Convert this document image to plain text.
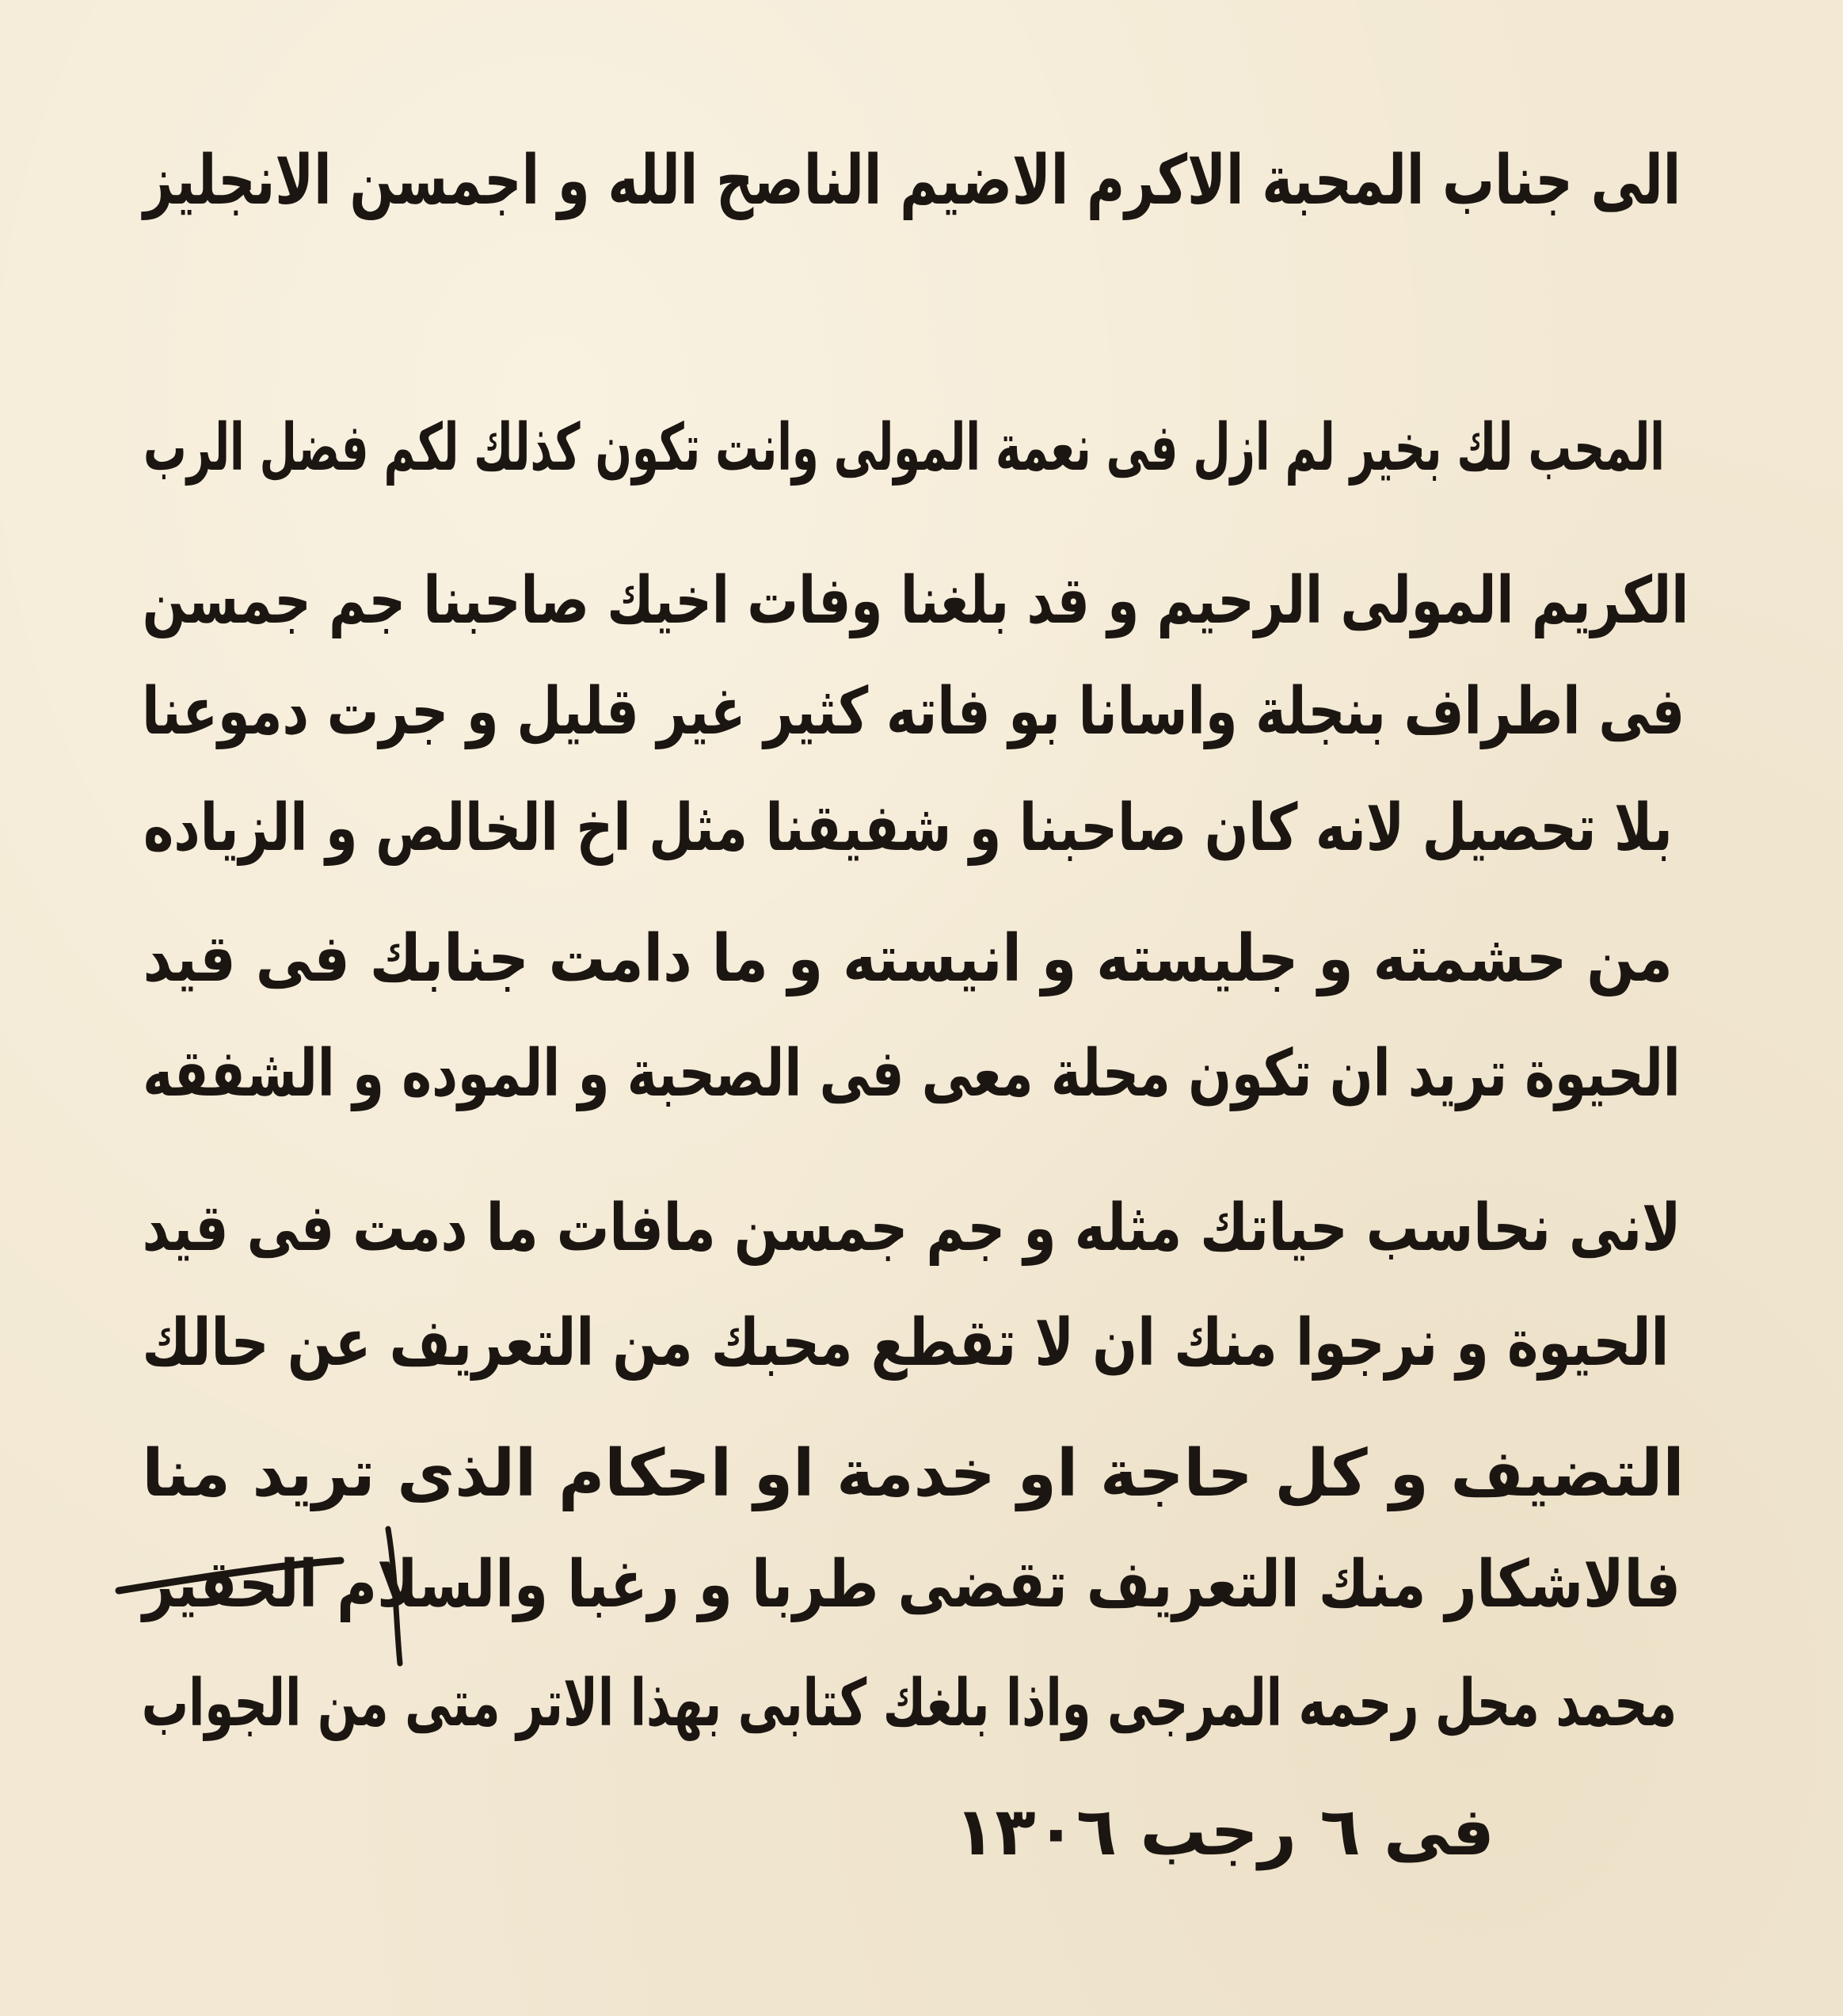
الى جناب المحبة الاكرم الاضيم الناصح الله و اجمسن الانجليز
المحب لك بخير لم ازل فى نعمة المولى وانت تكون كذلك لكم فضل الرب
الكريم المولى الرحيم و قد بلغنا وفات اخيك صاحبنا جم جمسن
فى اطراف بنجلة واسانا بو فاته كثير غير قليل و جرت دموعنا
بلا تحصيل لانه كان صاحبنا و شفيقنا مثل اخ الخالص و الزياده
من حشمته و جليسته و انيسته و ما دامت جنابك فى قيد
الحيوة تريد ان تكون محلة معى فى الصحبة و الموده و الشفقه
لانى نحاسب حياتك مثله و جم جمسن مافات ما دمت فى قيد
الحيوة و نرجوا منك ان لا تقطع محبك من التعريف عن حالك
التضيف و كل حاجة او خدمة او احكام الذى تريد منا
فالاشكار منك التعريف تقضى طربا و رغبا والسلام الحقير
محمد محل رحمه المرجى واذا بلغك كتابى بهذا الاتر متى من الجواب
فى ٦ رجب ١٣٠٦
